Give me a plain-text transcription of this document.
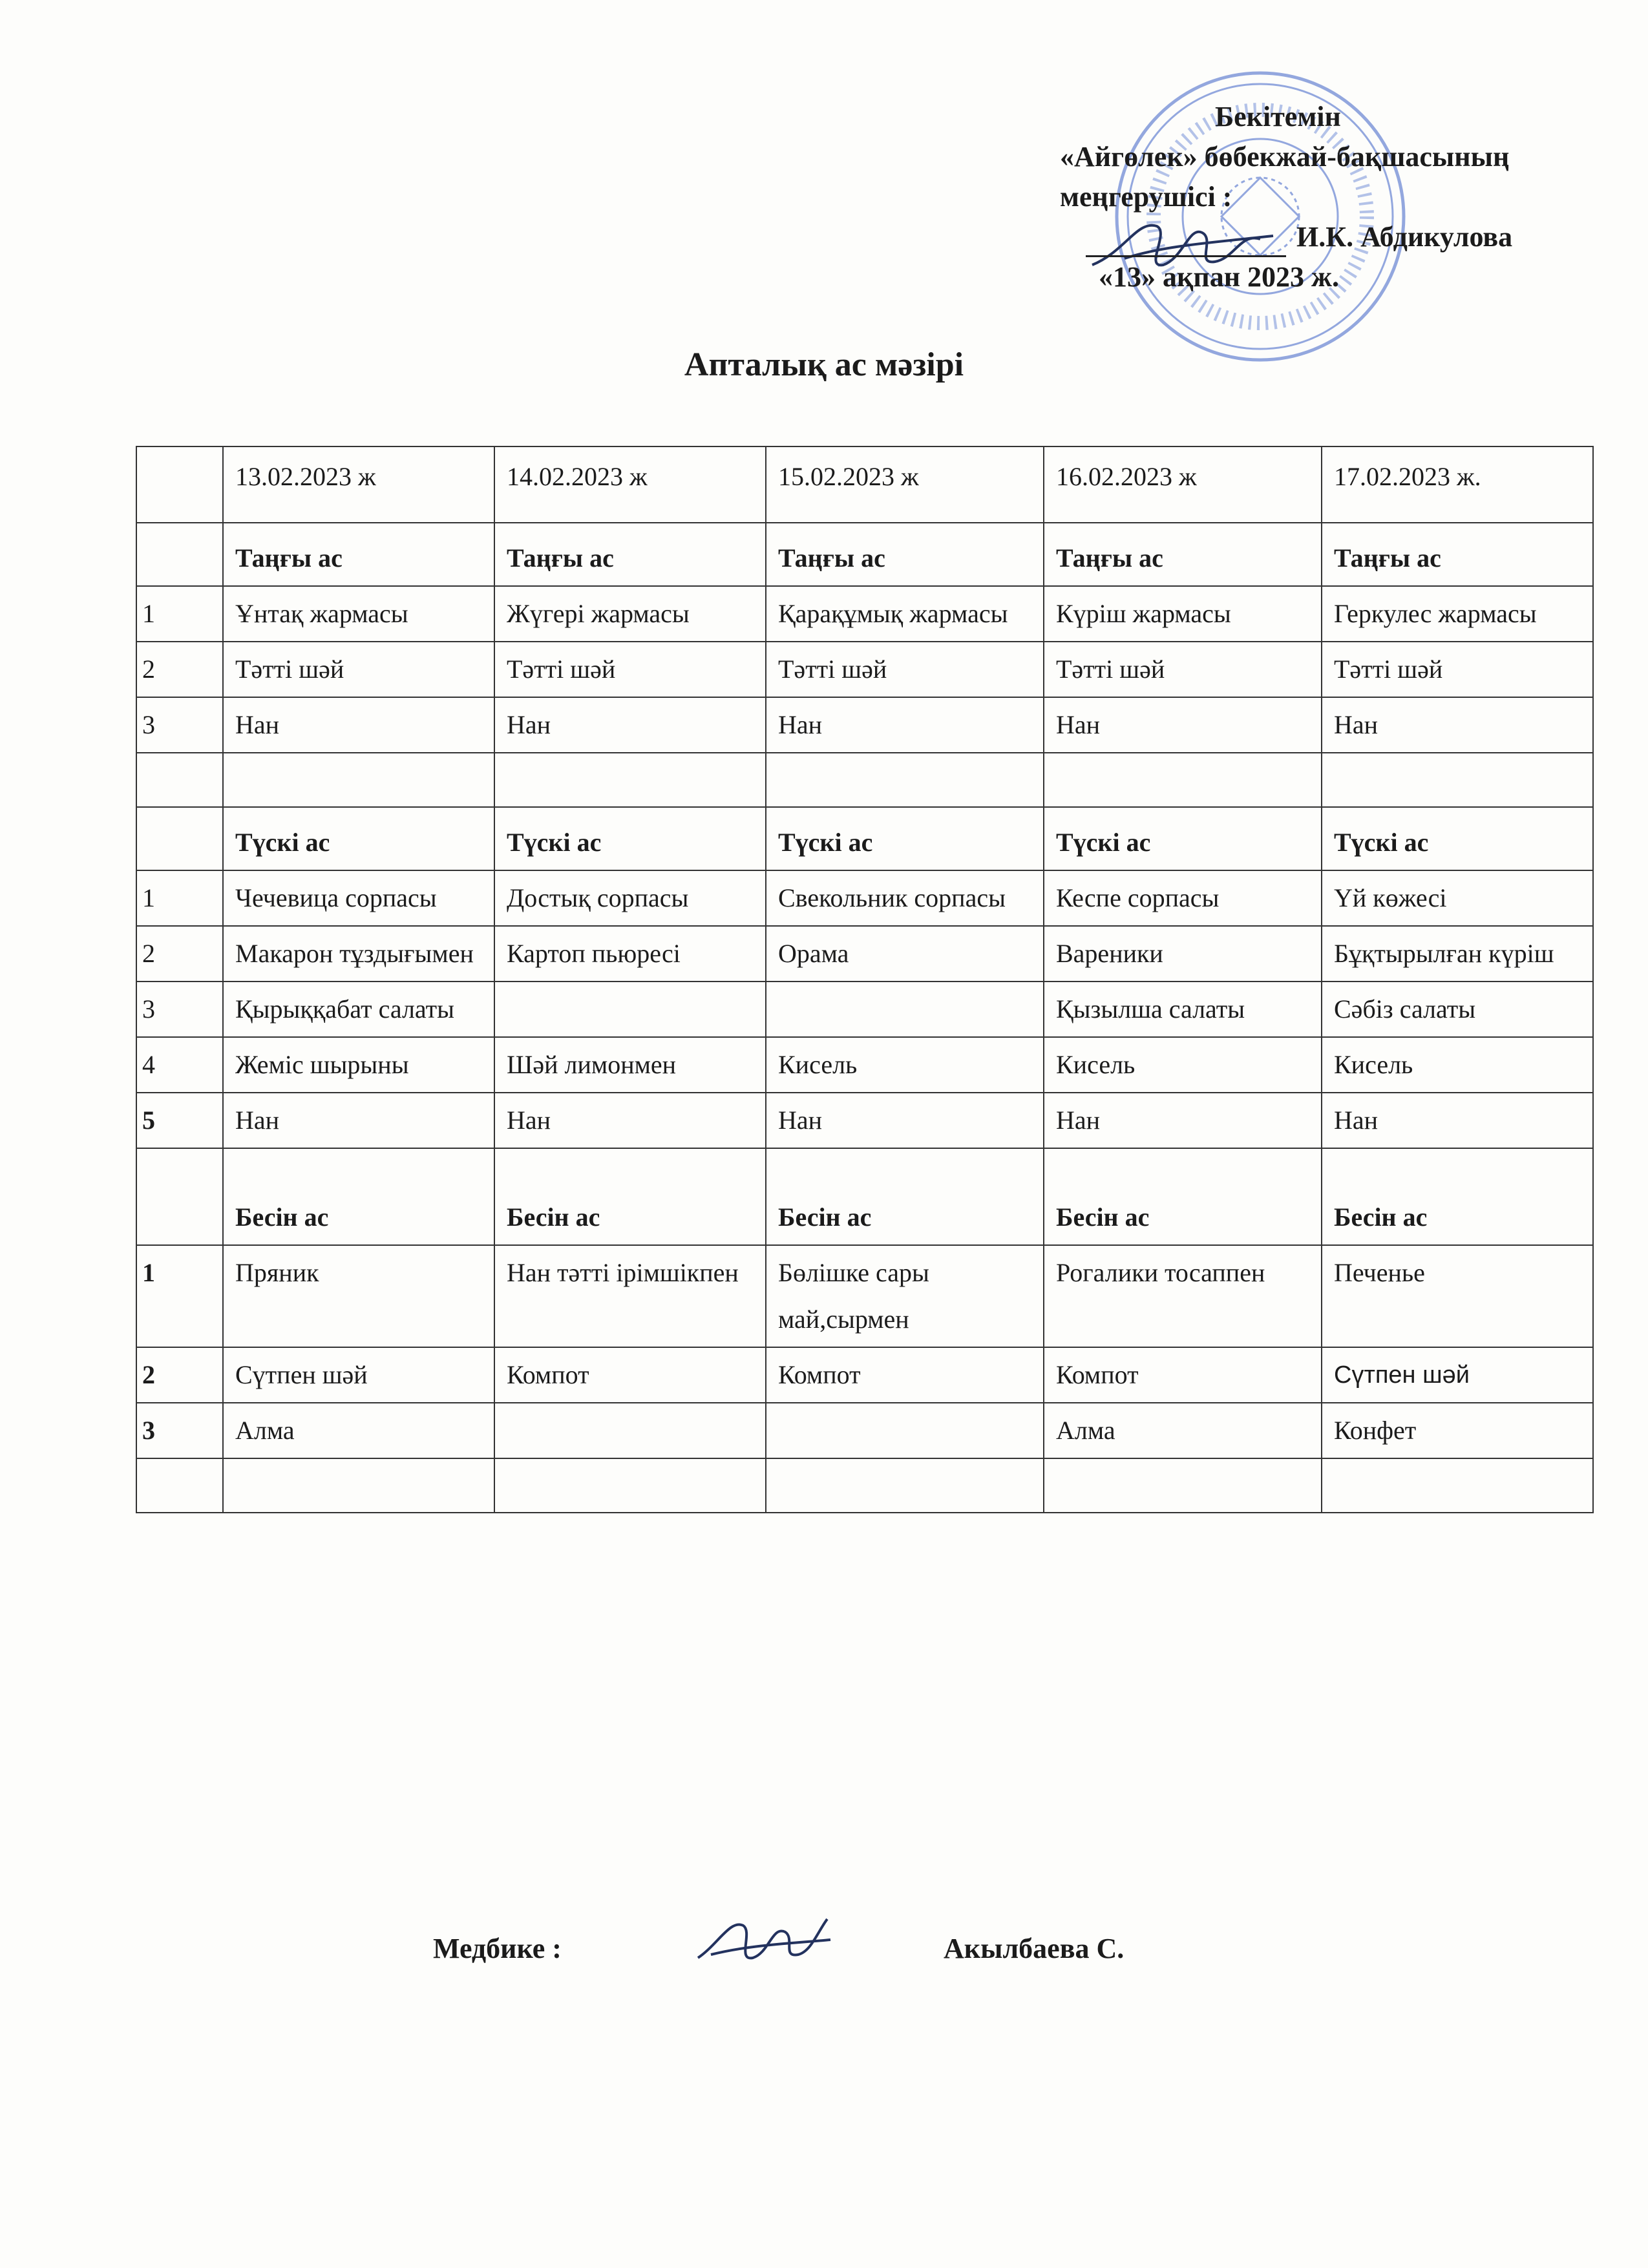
Бекітемін
«Айгөлек» бөбекжай-бақшасының
меңгерушісі :
И.К. Абдикулова
«13» ақпан 2023 ж.
Апталық ас мәзірі
	13.02.2023 ж	14.02.2023 ж	15.02.2023 ж	16.02.2023 ж	17.02.2023 ж.
	Таңғы ас	Таңғы ас	Таңғы ас	Таңғы ас	Таңғы ас
1	Ұнтақ жармасы	Жүгері жармасы	Қарақұмық жармасы	Күріш жармасы	Геркулес жармасы
2	Тәтті шәй	Тәтті шәй	Тәтті шәй	Тәтті шәй	Тәтті шәй
3	Нан	Нан	Нан	Нан	Нан

	Түскі ас	Түскі ас	Түскі ас	Түскі ас	Түскі ас
1	Чечевица сорпасы	Достық сорпасы	Свекольник сорпасы	Кеспе сорпасы	Үй көжесі
2	Макарон тұздығымен	Картоп пьюресі	Орама	Вареники	Бұқтырылған күріш
3	Қырыққабат салаты			Қызылша салаты	Сәбіз салаты
4	Жеміс шырыны	Шәй лимонмен	Кисель	Кисель	Кисель
5	Нан	Нан	Нан	Нан	Нан
	Бесін ас	Бесін ас	Бесін ас	Бесін ас	Бесін ас
1	Пряник	Нан тәтті ірімшікпен	Бөлішке сары май,сырмен	Рогалики тосаппен	Печенье
2	Сүтпен шәй	Компот	Компот	Компот	Сүтпен шәй
3	Алма			Алма	Конфет

Медбике :	Акылбаева С.
